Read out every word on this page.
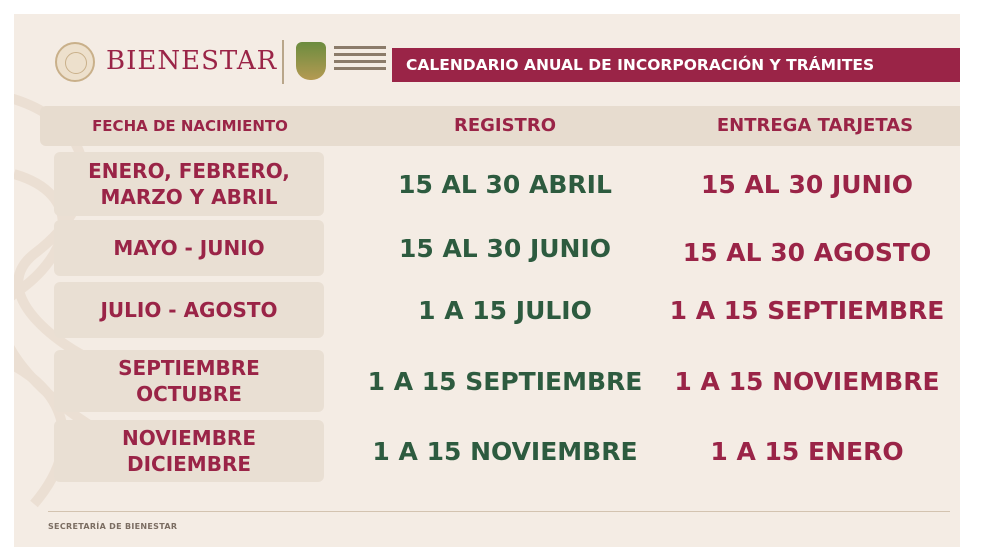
BIENESTAR	CALENDARIO ANUAL DE INCORPORACIÓN Y TRÁMITES
FECHA DE NACIMIENTO	REGISTRO	ENTREGA TARJETAS
ENERO, FEBRERO,
MARZO Y ABRIL	15 AL 30 ABRIL	15 AL 30 JUNIO
MAYO - JUNIO	15 AL 30 JUNIO	15 AL 30 AGOSTO
JULIO - AGOSTO	1 A 15 JULIO	1 A 15 SEPTIEMBRE
SEPTIEMBRE
OCTUBRE	1 A 15 SEPTIEMBRE	1 A 15 NOVIEMBRE
NOVIEMBRE
DICIEMBRE	1 A 15 NOVIEMBRE	1 A 15 ENERO
SECRETARÍA DE BIENESTAR
